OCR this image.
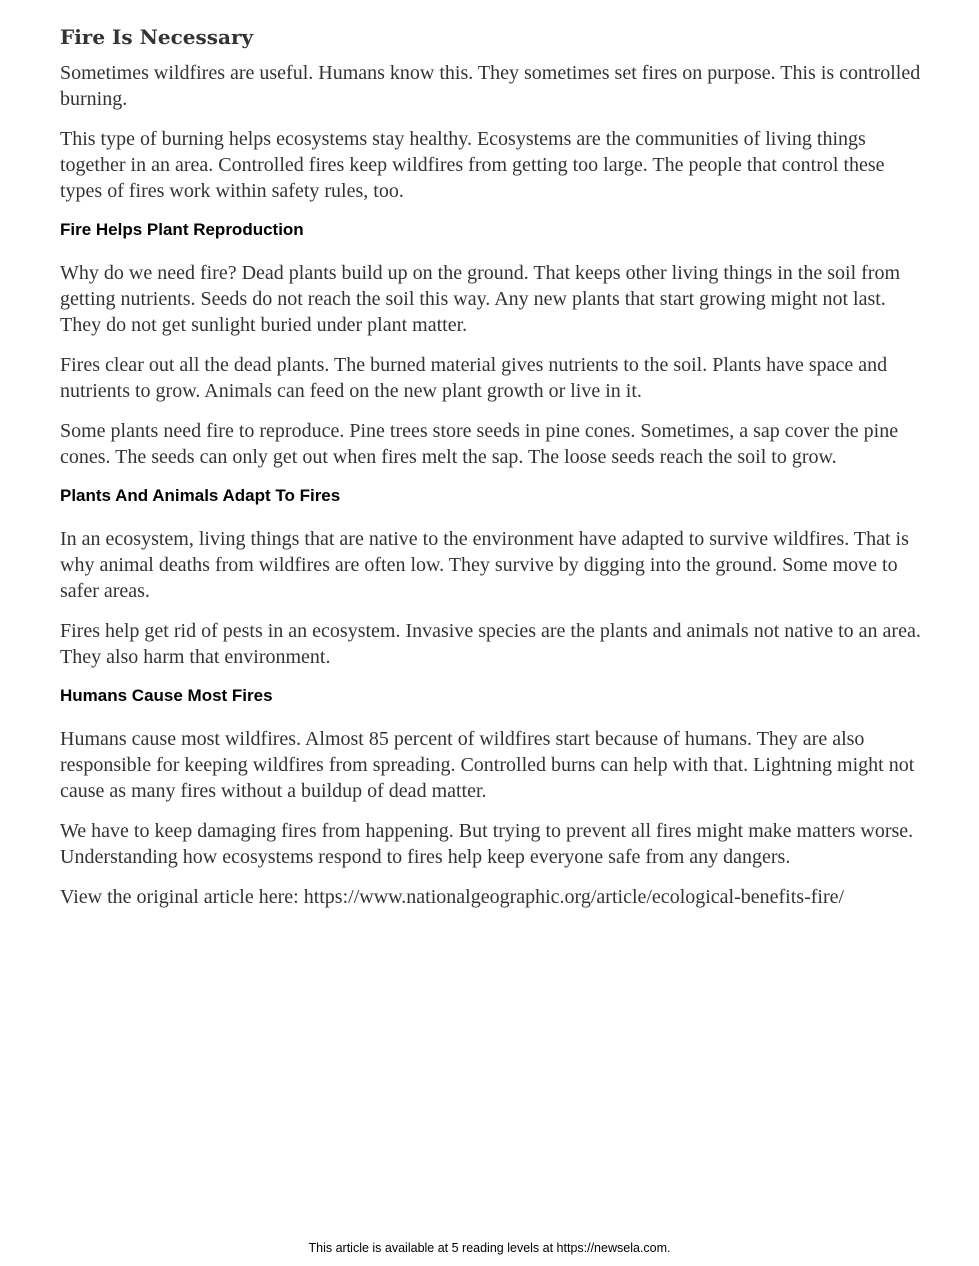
Fire Is Necessary

Sometimes wildfires are useful. Humans know this. They sometimes set fires on purpose. This is controlled burning.

This type of burning helps ecosystems stay healthy. Ecosystems are the communities of living things together in an area. Controlled fires keep wildfires from getting too large. The people that control these types of fires work within safety rules, too.

Fire Helps Plant Reproduction

Why do we need fire? Dead plants build up on the ground. That keeps other living things in the soil from getting nutrients. Seeds do not reach the soil this way. Any new plants that start growing might not last. They do not get sunlight buried under plant matter.

Fires clear out all the dead plants. The burned material gives nutrients to the soil. Plants have space and nutrients to grow. Animals can feed on the new plant growth or live in it.

Some plants need fire to reproduce. Pine trees store seeds in pine cones. Sometimes, a sap cover the pine cones. The seeds can only get out when fires melt the sap. The loose seeds reach the soil to grow.

Plants And Animals Adapt To Fires

In an ecosystem, living things that are native to the environment have adapted to survive wildfires. That is why animal deaths from wildfires are often low. They survive by digging into the ground. Some move to safer areas.

Fires help get rid of pests in an ecosystem. Invasive species are the plants and animals not native to an area. They also harm that environment.

Humans Cause Most Fires

Humans cause most wildfires. Almost 85 percent of wildfires start because of humans. They are also responsible for keeping wildfires from spreading. Controlled burns can help with that. Lightning might not cause as many fires without a buildup of dead matter.

We have to keep damaging fires from happening. But trying to prevent all fires might make matters worse. Understanding how ecosystems respond to fires help keep everyone safe from any dangers.

View the original article here: https://www.nationalgeographic.org/article/ecological-benefits-fire/

This article is available at 5 reading levels at https://newsela.com.
